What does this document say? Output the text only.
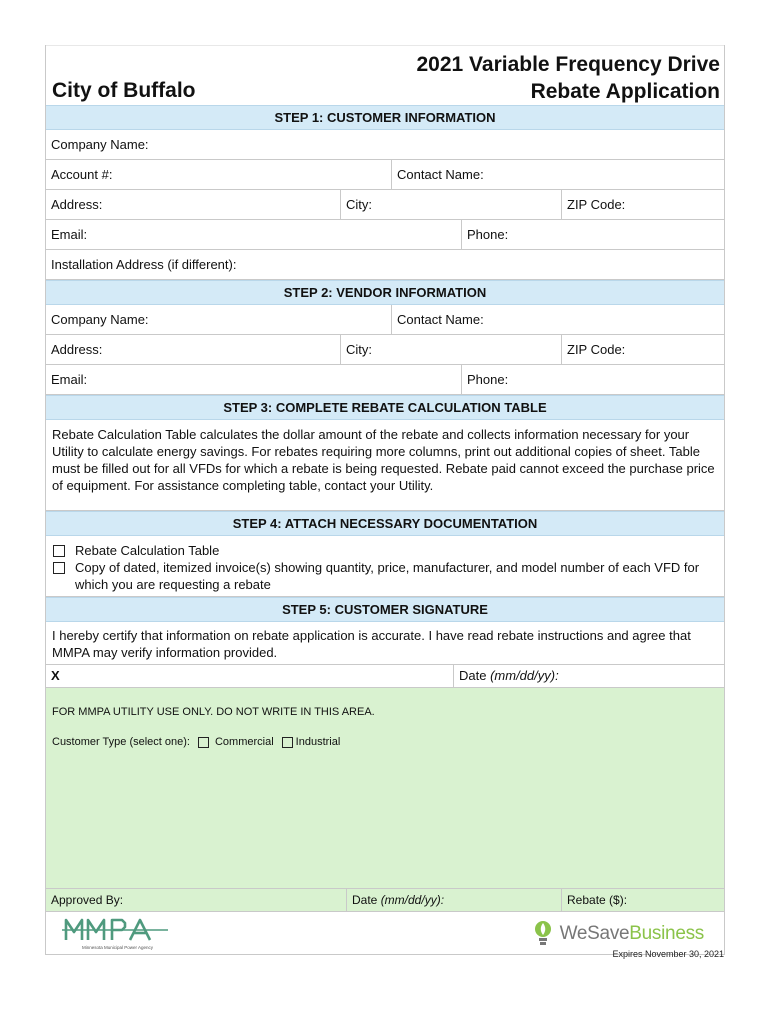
City of Buffalo
2021 Variable Frequency Drive
Rebate Application
STEP 1: CUSTOMER INFORMATION
Company Name:
Account #:	Contact Name:
Address:	City:	ZIP Code:
Email:	Phone:
Installation Address (if different):
STEP 2: VENDOR INFORMATION
Company Name:	Contact Name:
Address:	City:	ZIP Code:
Email:	Phone:
STEP 3: COMPLETE REBATE CALCULATION TABLE
Rebate Calculation Table calculates the dollar amount of the rebate and collects information necessary for your Utility to calculate energy savings. For rebates requiring more columns, print out additional copies of sheet. Table must be filled out for all VFDs for which a rebate is being requested. Rebate paid cannot exceed the purchase price of equipment. For assistance completing table, contact your Utility.
STEP 4: ATTACH NECESSARY DOCUMENTATION
Rebate Calculation Table
Copy of dated, itemized invoice(s) showing quantity, price, manufacturer, and model number of each VFD for which you are requesting a rebate
STEP 5: CUSTOMER SIGNATURE
I hereby certify that information on rebate application is accurate. I have read rebate instructions and agree that MMPA may verify information provided.
X	Date (mm/dd/yy):
FOR MMPA UTILITY USE ONLY. DO NOT WRITE IN THIS AREA.
Customer Type (select one): Commercial Industrial
Approved By:	Date (mm/dd/yy):	Rebate ($):
Minnesota Municipal Power Agency
WeSaveBusiness
Expires November 30, 2021
